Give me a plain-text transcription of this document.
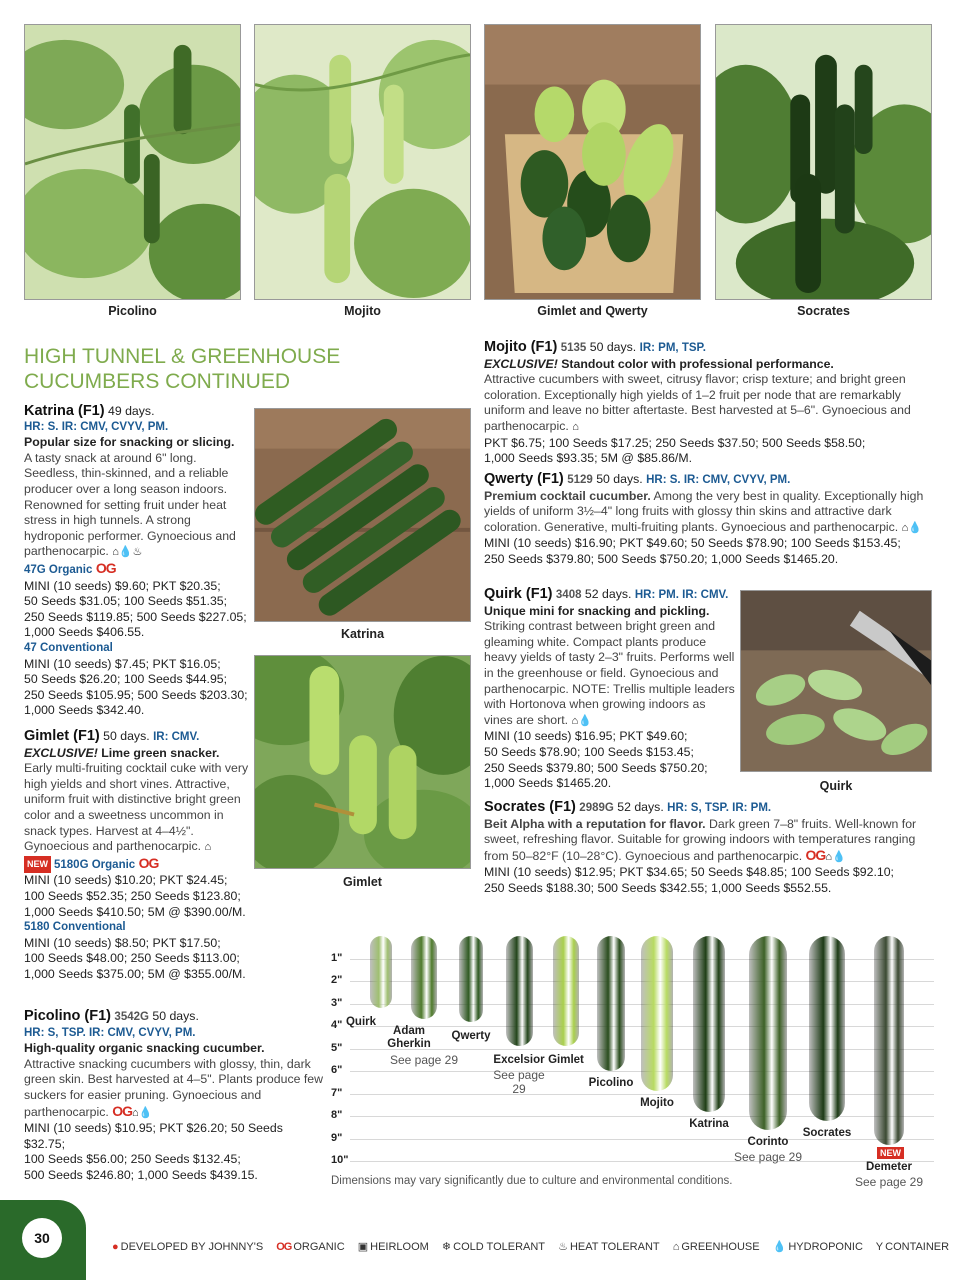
Picolino	Mojito	Gimlet and Qwerty	Socrates
HIGH TUNNEL & GREENHOUSE
CUCUMBERS CONTINUED

Katrina (F1) 49 days.

HR: S. IR: CMV, CVYV, PM.

Popular size for snacking or slicing.

A tasty snack at around 6" long. Seedless, thin-skinned, and a reliable producer over a long season indoors. Renowned for setting fruit under heat stress in high tunnels. A strong hydroponic performer. Gynoecious and parthenocarpic. ⌂💧♨

47G Organic OG

MINI (10 seeds) $9.60; PKT $20.35;

50 Seeds $31.05; 100 Seeds $51.35;

250 Seeds $119.85; 500 Seeds $227.05;

1,000 Seeds $406.55.

47 Conventional

MINI (10 seeds) $7.45; PKT $16.05;

50 Seeds $26.20; 100 Seeds $44.95;

250 Seeds $105.95; 500 Seeds $203.30;

1,000 Seeds $342.40.

Katrina
Gimlet

Gimlet (F1) 50 days. IR: CMV.

EXCLUSIVE! Lime green snacker.

Early multi-fruiting cocktail cuke with very high yields and short vines. Attractive, uniform fruit with distinctive bright green color and a sweetness uncommon in snack types. Harvest at 4–4½". Gynoecious and parthenocarpic. ⌂

NEW 5180G Organic OG

MINI (10 seeds) $10.20; PKT $24.45;

100 Seeds $52.35; 250 Seeds $123.80;

1,000 Seeds $410.50; 5M @ $390.00/M.

5180 Conventional

MINI (10 seeds) $8.50; PKT $17.50;

100 Seeds $48.00; 250 Seeds $113.00;

1,000 Seeds $375.00; 5M @ $355.00/M.

Picolino (F1) 3542G 50 days.

HR: S, TSP. IR: CMV, CVYV, PM.

High-quality organic snacking cucumber.

Attractive snacking cucumbers with glossy, thin, dark green skin. Best harvested at 4–5". Plants produce few suckers for easier pruning. Gynoecious and parthenocarpic. OG⌂💧

MINI (10 seeds) $10.95; PKT $26.20; 50 Seeds $32.75;

100 Seeds $56.00; 250 Seeds $132.45;

500 Seeds $246.80; 1,000 Seeds $439.15.

Mojito (F1) 5135 50 days. IR: PM, TSP.

EXCLUSIVE! Standout color with professional performance.

Attractive cucumbers with sweet, citrusy flavor; crisp texture; and bright green coloration. Exceptionally high yields of 1–2 fruit per node that are remarkably uniform and leave no bitter aftertaste. Best harvested at 5–6". Gynoecious and parthenocarpic. ⌂

PKT $6.75; 100 Seeds $17.25; 250 Seeds $37.50; 500 Seeds $58.50;

1,000 Seeds $93.35; 5M @ $85.86/M.

Qwerty (F1) 5129 50 days. HR: S. IR: CMV, CVYV, PM.

Premium cocktail cucumber. Among the very best in quality. Exceptionally high yields of uniform 3½–4" long fruits with glossy thin skins and attractive dark coloration. Generative, multi-fruiting plants. Gynoecious and parthenocarpic. ⌂💧

MINI (10 seeds) $16.90; PKT $49.60; 50 Seeds $78.90; 100 Seeds $153.45;

250 Seeds $379.80; 500 Seeds $750.20; 1,000 Seeds $1465.20.

Quirk (F1) 3408 52 days. HR: PM. IR: CMV.

Unique mini for snacking and pickling.

Striking contrast between bright green and gleaming white. Compact plants produce heavy yields of tasty 2–3" fruits. Performs well in the greenhouse or field. Gynoecious and parthenocarpic. NOTE: Trellis multiple leaders with Hortonova when growing indoors as vines are short. ⌂💧

MINI (10 seeds) $16.95; PKT $49.60;

50 Seeds $78.90; 100 Seeds $153.45;

250 Seeds $379.80; 500 Seeds $750.20;

1,000 Seeds $1465.20.	Quirk

Socrates (F1) 2989G 52 days. HR: S, TSP. IR: PM.

Beit Alpha with a reputation for flavor. Dark green 7–8" fruits. Well-known for sweet, refreshing flavor. Suitable for growing indoors with temperatures ranging from 50–82°F (10–28°C). Gynoecious and parthenocarpic. OG⌂💧

MINI (10 seeds) $12.95; PKT $34.65; 50 Seeds $48.85; 100 Seeds $92.10;

250 Seeds $188.30; 500 Seeds $342.55; 1,000 Seeds $552.55.

1"
2"
3"
4"
5"
6"
7"
8"
9"
10"
Quirk
Adam Gherkin
See page 29
Qwerty
Excelsior
See page 29
Gimlet
Picolino
Mojito
Katrina
Corinto
See page 29
Socrates
NEW
Demeter
See page 29
Dimensions may vary significantly due to culture and environmental conditions.
30
● DEVELOPED BY JOHNNY'S OG ORGANIC ▣ HEIRLOOM ❄ COLD TOLERANT ♨ HEAT TOLERANT ⌂ GREENHOUSE 💧 HYDROPONIC Y CONTAINER
